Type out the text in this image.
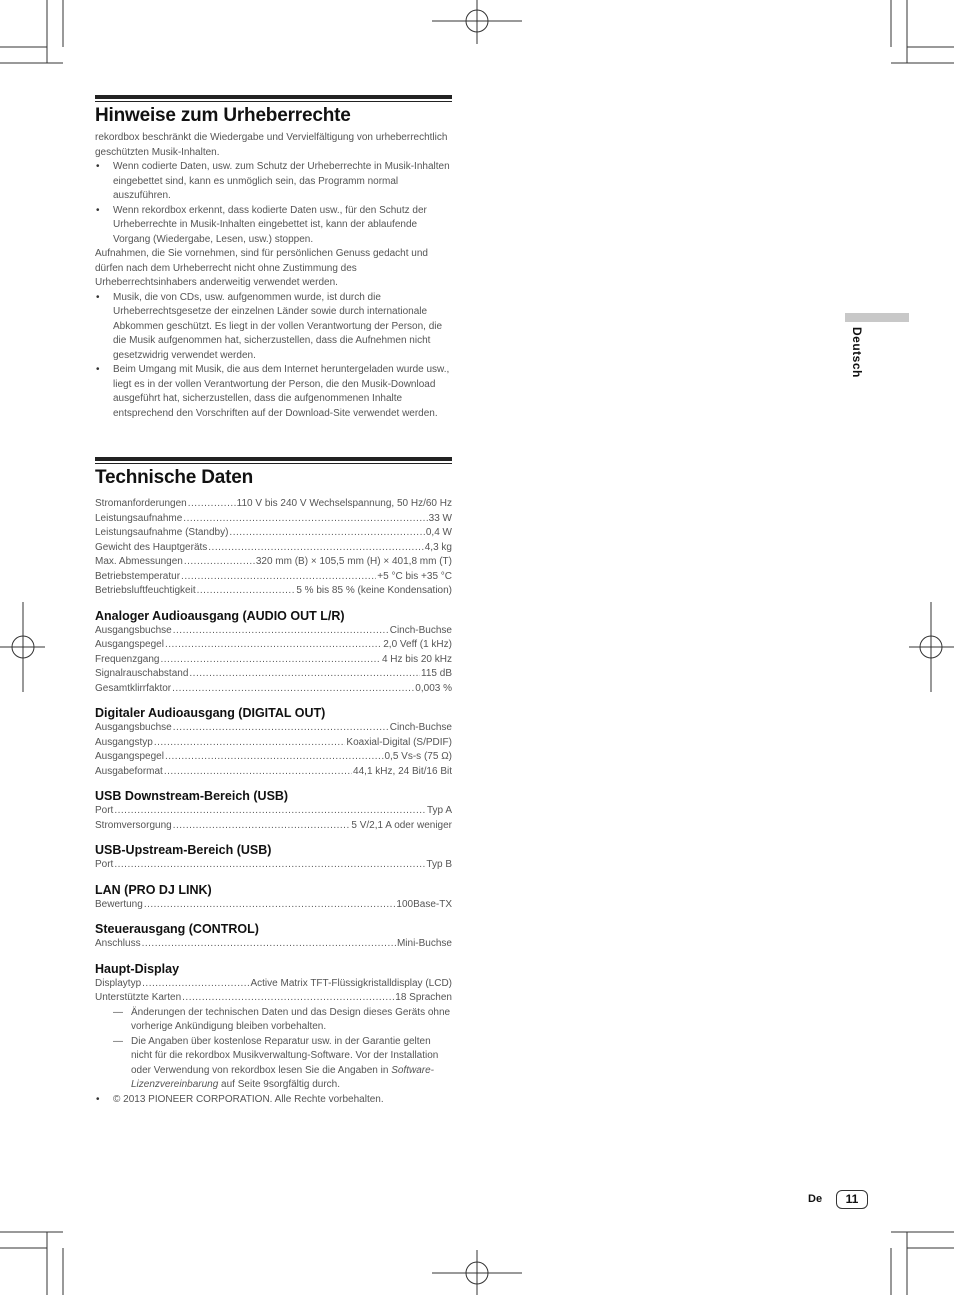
Hinweise zum Urheberrechte

rekordbox beschränkt die Wiedergabe und Vervielfältigung von urheberrechtlich geschützten Musik-Inhalten.

• Wenn codierte Daten, usw. zum Schutz der Urheberrechte in Musik-Inhalten eingebettet sind, kann es unmöglich sein, das Programm normal auszuführen.
• Wenn rekordbox erkennt, dass kodierte Daten usw., für den Schutz der Urheberrechte in Musik-Inhalten eingebettet ist, kann der ablaufende Vorgang (Wiedergabe, Lesen, usw.) stoppen.

Aufnahmen, die Sie vornehmen, sind für persönlichen Genuss gedacht und dürfen nach dem Urheberrecht nicht ohne Zustimmung des Urheberrechtsinhabers anderweitig verwendet werden.

• Musik, die von CDs, usw. aufgenommen wurde, ist durch die Urheberrechtsgesetze der einzelnen Länder sowie durch internationale Abkommen geschützt. Es liegt in der vollen Verantwortung der Person, die die Musik aufgenommen hat, sicherzustellen, dass die Aufnehmen nicht gesetzwidrig verwendet werden.
• Beim Umgang mit Musik, die aus dem Internet heruntergeladen wurde usw., liegt es in der vollen Verantwortung der Person, die den Musik-Download ausgeführt hat, sicherzustellen, dass die aufgenommenen Inhalte entsprechend den Vorschriften auf der Download-Site verwendet werden.
Technische Daten
Stromanforderungen .....	110 V bis 240 V Wechselspannung, 50 Hz/60 Hz
Leistungsaufnahme .....	33 W
Leistungsaufnahme (Standby) .....	0,4 W
Gewicht des Hauptgeräts .....	4,3 kg
Max. Abmessungen .....	320 mm (B) × 105,5 mm (H) × 401,8 mm (T)
Betriebstemperatur .....	+5 °C bis +35 °C
Betriebsluftfeuchtigkeit .....	5 % bis 85 % (keine Kondensation)
Analoger Audioausgang (AUDIO OUT L/R)
Ausgangsbuchse .....	Cinch-Buchse
Ausgangspegel .....	2,0 Veff (1 kHz)
Frequenzgang .....	4 Hz bis 20 kHz
Signalrauschabstand .....	115 dB
Gesamtklirrfaktor .....	0,003 %
Digitaler Audioausgang (DIGITAL OUT)
Ausgangsbuchse .....	Cinch-Buchse
Ausgangstyp .....	Koaxial-Digital (S/PDIF)
Ausgangspegel .....	0,5 Vs-s (75 Ω)
Ausgabeformat .....	44,1 kHz, 24 Bit/16 Bit
USB Downstream-Bereich (USB)
Port .....	Typ A
Stromversorgung .....	5 V/2,1 A oder weniger
USB-Upstream-Bereich (USB)
Port .....	Typ B
LAN (PRO DJ LINK)
Bewertung .....	100Base-TX
Steuerausgang (CONTROL)
Anschluss .....	Mini-Buchse
Haupt-Display
Displaytyp .....	Active Matrix TFT-Flüssigkristalldisplay (LCD)
Unterstützte Karten .....	18 Sprachen
— Änderungen der technischen Daten und das Design dieses Geräts ohne vorherige Ankündigung bleiben vorbehalten.
— Die Angaben über kostenlose Reparatur usw. in der Garantie gelten nicht für die rekordbox Musikverwaltung-Software. Vor der Installation oder Verwendung von rekordbox lesen Sie die Angaben in Software-Lizenzvereinbarung auf Seite 9sorgfältig durch.
• © 2013 PIONEER CORPORATION. Alle Rechte vorbehalten.
Deutsch
De	11
